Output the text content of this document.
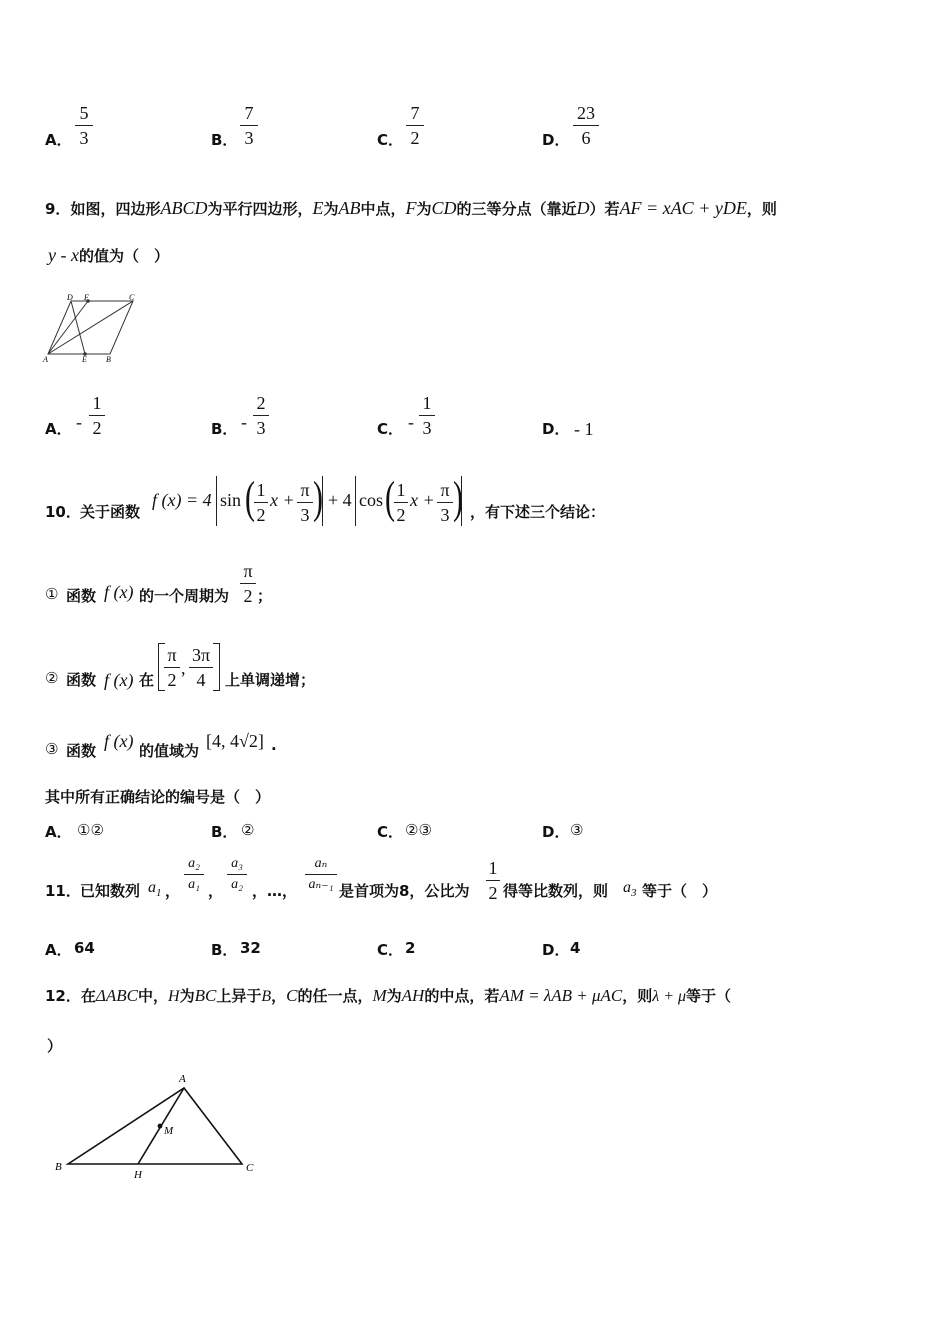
A．
5
3	B．
7
3	C．
7
2	D．
23
6
9．如图，四边形ABCD为平行四边形，E为AB中点，F为CD的三等分点（靠近D）若AF = xAC + yDE，则
y - x的值为（　）
D F	C
A	E B
A． -
1
2	B． -
2
3	C． -
1
3	D． - 1
10． 关于函数
f (x) = 4 sin ( 1
2
x + π
3 ) + 4 cos ( 1
2
x + π
3 ) ，有下述三个结论：
① 函数 f (x) 的一个周期为
π
2 ；
② 函数 f (x) 在
π
2
,
3π
4	上单调递增；
③ 函数 f (x) 的值域为 [4, 4√2] .
其中所有正确结论的编号是（　）
A． ①②	B． ②	C． ②③	D． ③
11． 已知数列 $a_1$ ，
a₂
a₁ ，
a₃
a₂ ，…，
aₙ
aₙ₋₁ 是首项为8，公比为
1
2 得等比数列，则 $a_3$ 等于（　）
A． 64	B． 32	C． 2	D． 4
12．在ΔABC中，H为BC上异于B，C的任一点，M为AH的中点，若AM = λAB + μAC，则λ + μ等于（
）
A
M
B
H
C
